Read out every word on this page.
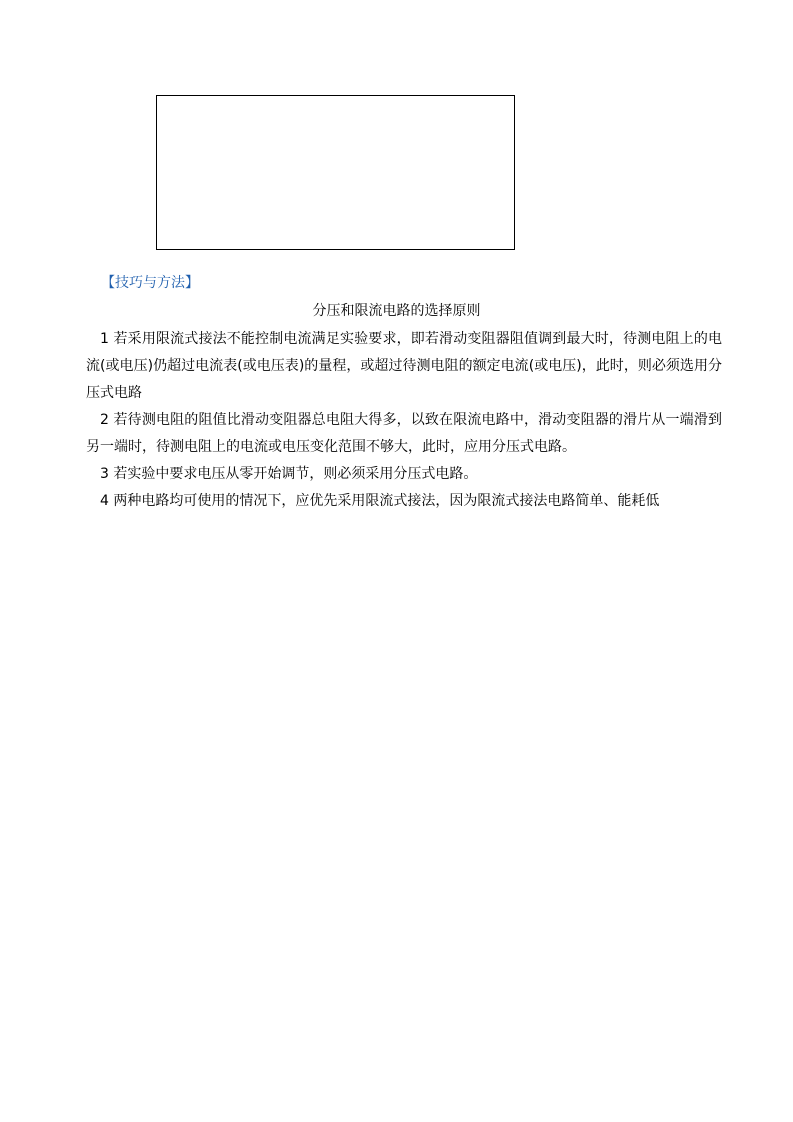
【技巧与方法】
分压和限流电路的选择原则

1 若采用限流式接法不能控制电流满足实验要求，即若滑动变阻器阻值调到最大时，待测电阻上的电流(或电压)仍超过电流表(或电压表)的量程，或超过待测电阻的额定电流(或电压)，此时，则必须选用分压式电路

2 若待测电阻的阻值比滑动变阻器总电阻大得多，以致在限流电路中，滑动变阻器的滑片从一端滑到另一端时，待测电阻上的电流或电压变化范围不够大，此时，应用分压式电路。

3 若实验中要求电压从零开始调节，则必须采用分压式电路。

4 两种电路均可使用的情况下，应优先采用限流式接法，因为限流式接法电路简单、能耗低
